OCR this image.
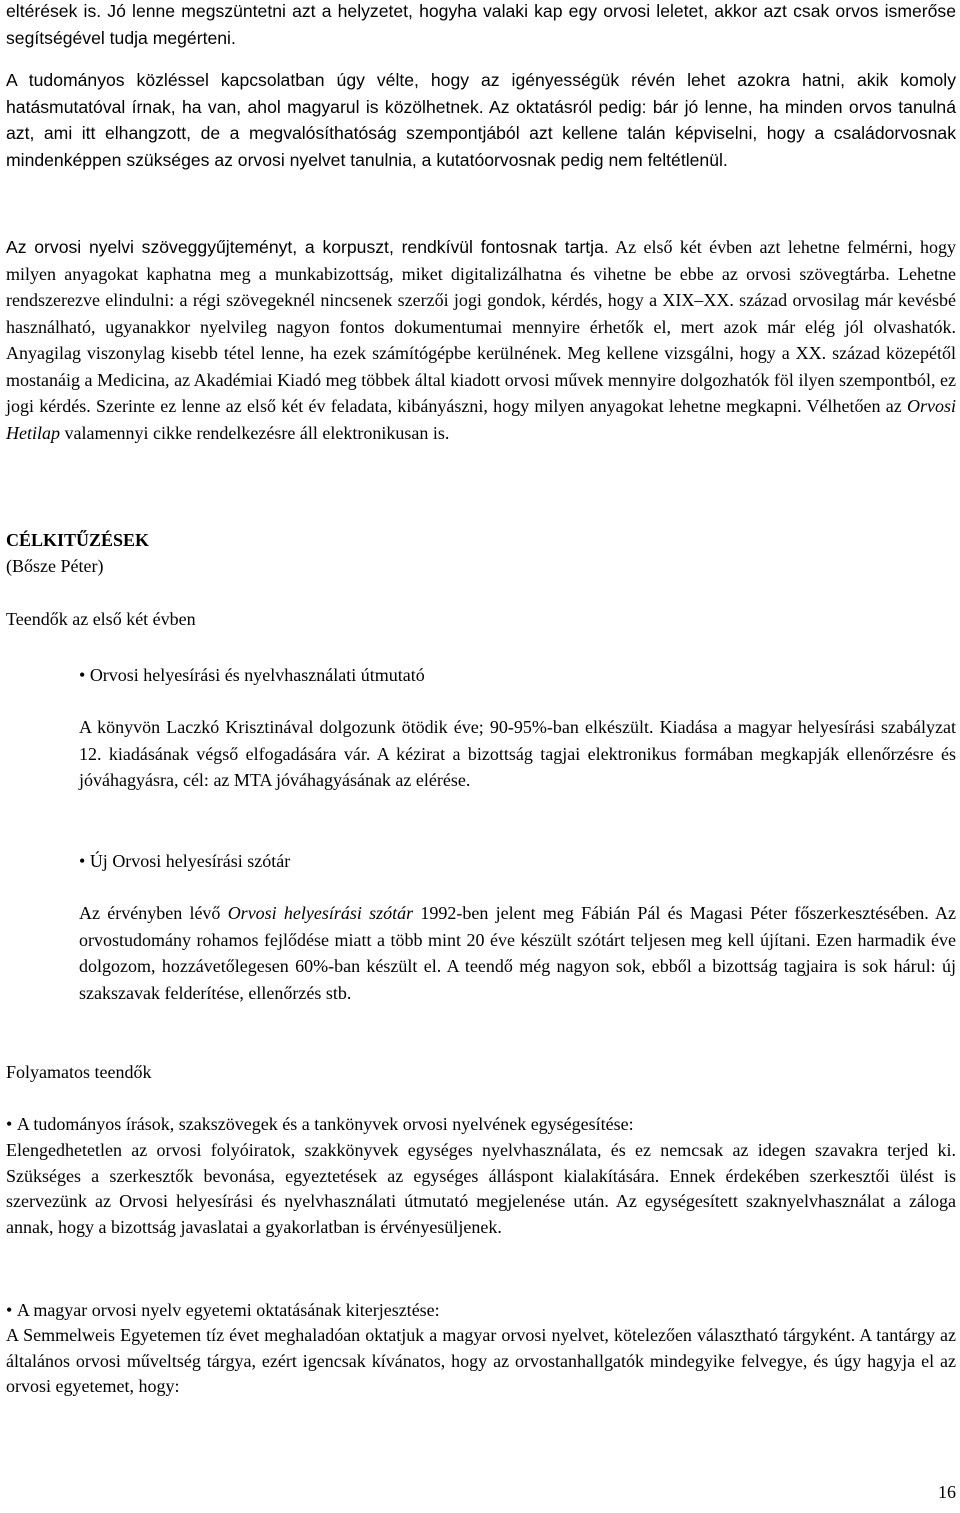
eltérések is. Jó lenne megszüntetni azt a helyzetet, hogyha valaki kap egy orvosi leletet, akkor azt csak orvos ismerőse segítségével tudja megérteni.

A tudományos közléssel kapcsolatban úgy vélte, hogy az igényességük révén lehet azokra hatni, akik komoly hatásmutatóval írnak, ha van, ahol magyarul is közölhetnek. Az oktatásról pedig: bár jó lenne, ha minden orvos tanulná azt, ami itt elhangzott, de a megvalósíthatóság szempontjából azt kellene talán képviselni, hogy a családorvosnak mindenképpen szükséges az orvosi nyelvet tanulnia, a kutatóorvosnak pedig nem feltétlenül.

Az orvosi nyelvi szöveggyűjteményt, a korpuszt, rendkívül fontosnak tartja. Az első két évben azt lehetne felmérni, hogy milyen anyagokat kaphatna meg a munkabizottság, miket digitalizálhatna és vihetne be ebbe az orvosi szövegtárba. Lehetne rendszerezve elindulni: a régi szövegeknél nincsenek szerzői jogi gondok, kérdés, hogy a XIX–XX. század orvosilag már kevésbé használható, ugyanakkor nyelvileg nagyon fontos dokumentumai mennyire érhetők el, mert azok már elég jól olvashatók. Anyagilag viszonylag kisebb tétel lenne, ha ezek számítógépbe kerülnének. Meg kellene vizsgálni, hogy a XX. század közepétől mostanáig a Medicina, az Akadémiai Kiadó meg többek által kiadott orvosi művek mennyire dolgozhatók föl ilyen szempontból, ez jogi kérdés. Szerinte ez lenne az első két év feladata, kibányászni, hogy milyen anyagokat lehetne megkapni. Vélhetően az Orvosi Hetilap valamennyi cikke rendelkezésre áll elektronikusan is.

CÉLKITŰZÉSEK

(Bősze Péter)

Teendők az első két évben

• Orvosi helyesírási és nyelvhasználati útmutató

A könyvön Laczkó Krisztinával dolgozunk ötödik éve; 90-95%-ban elkészült. Kiadása a magyar helyesírási szabályzat 12. kiadásának végső elfogadására vár. A kézirat a bizottság tagjai elektronikus formában megkapják ellenőrzésre és jóváhagyásra, cél: az MTA jóváhagyásának az elérése.

• Új Orvosi helyesírási szótár

Az érvényben lévő Orvosi helyesírási szótár 1992-ben jelent meg Fábián Pál és Magasi Péter főszerkesztésében. Az orvostudomány rohamos fejlődése miatt a több mint 20 éve készült szótárt teljesen meg kell újítani. Ezen harmadik éve dolgozom, hozzávetőlegesen 60%-ban készült el. A teendő még nagyon sok, ebből a bizottság tagjaira is sok hárul: új szakszavak felderítése, ellenőrzés stb.

Folyamatos teendők

• A tudományos írások, szakszövegek és a tankönyvek orvosi nyelvének egységesítése:

Elengedhetetlen az orvosi folyóiratok, szakkönyvek egységes nyelvhasználata, és ez nemcsak az idegen szavakra terjed ki. Szükséges a szerkesztők bevonása, egyeztetések az egységes álláspont kialakítására. Ennek érdekében szerkesztői ülést is szervezünk az Orvosi helyesírási és nyelvhasználati útmutató megjelenése után. Az egységesített szaknyelvhasználat a záloga annak, hogy a bizottság javaslatai a gyakorlatban is érvényesüljenek.

• A magyar orvosi nyelv egyetemi oktatásának kiterjesztése:

A Semmelweis Egyetemen tíz évet meghaladóan oktatjuk a magyar orvosi nyelvet, kötelezően választható tárgyként. A tantárgy az általános orvosi műveltség tárgya, ezért igencsak kívánatos, hogy az orvostanhallgatók mindegyike felvegye, és úgy hagyja el az orvosi egyetemet, hogy:

16
